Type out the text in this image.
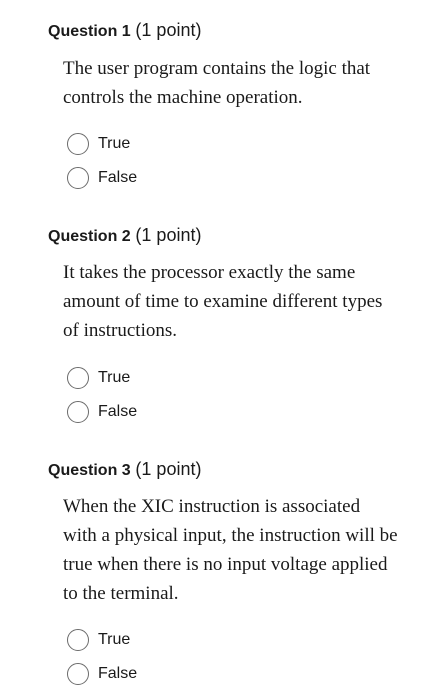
Question 1 (1 point)
The user program contains the logic that controls the machine operation.
True
False
Question 2 (1 point)
It takes the processor exactly the same amount of time to examine different types of instructions.
True
False
Question 3 (1 point)
When the XIC instruction is associated with a physical input, the instruction will be true when there is no input voltage applied to the terminal.
True
False
